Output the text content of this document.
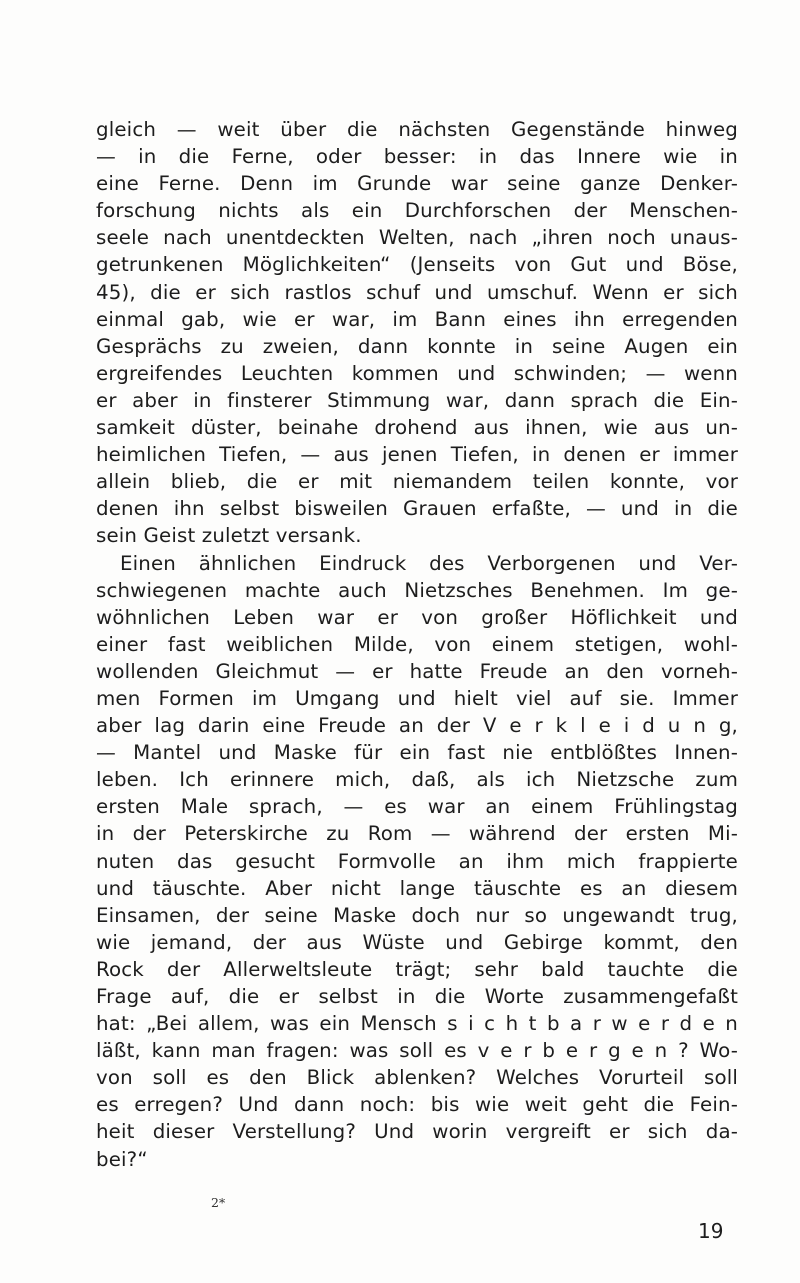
gleich — weit über die nächsten Gegenstände hinweg
— in die Ferne, oder besser: in das Innere wie in
eine Ferne. Denn im Grunde war seine ganze Denker-
forschung nichts als ein Durchforschen der Menschen-
seele nach unentdeckten Welten, nach „ihren noch unaus-
getrunkenen Möglichkeiten“ (Jenseits von Gut und Böse,
45), die er sich rastlos schuf und umschuf. Wenn er sich
einmal gab, wie er war, im Bann eines ihn erregenden
Gesprächs zu zweien, dann konnte in seine Augen ein
ergreifendes Leuchten kommen und schwinden; — wenn
er aber in finsterer Stimmung war, dann sprach die Ein-
samkeit düster, beinahe drohend aus ihnen, wie aus un-
heimlichen Tiefen, — aus jenen Tiefen, in denen er immer
allein blieb, die er mit niemandem teilen konnte, vor
denen ihn selbst bisweilen Grauen erfaßte, — und in die
sein Geist zuletzt versank.
Einen ähnlichen Eindruck des Verborgenen und Ver-
schwiegenen machte auch Nietzsches Benehmen. Im ge-
wöhnlichen Leben war er von großer Höflichkeit und
einer fast weiblichen Milde, von einem stetigen, wohl-
wollenden Gleichmut — er hatte Freude an den vorneh-
men Formen im Umgang und hielt viel auf sie. Immer
aber lag darin eine Freude an der V e r k l e i d u n g,
— Mantel und Maske für ein fast nie entblößtes Innen-
leben. Ich erinnere mich, daß, als ich Nietzsche zum
ersten Male sprach, — es war an einem Frühlingstag
in der Peterskirche zu Rom — während der ersten Mi-
nuten das gesucht Formvolle an ihm mich frappierte
und täuschte. Aber nicht lange täuschte es an diesem
Einsamen, der seine Maske doch nur so ungewandt trug,
wie jemand, der aus Wüste und Gebirge kommt, den
Rock der Allerweltsleute trägt; sehr bald tauchte die
Frage auf, die er selbst in die Worte zusammengefaßt
hat: „Bei allem, was ein Mensch s i c h t b a r w e r d e n
läßt, kann man fragen: was soll es v e r b e r g e n ? Wo-
von soll es den Blick ablenken? Welches Vorurteil soll
es erregen? Und dann noch: bis wie weit geht die Fein-
heit dieser Verstellung? Und worin vergreift er sich da-
bei?“
2*
19
